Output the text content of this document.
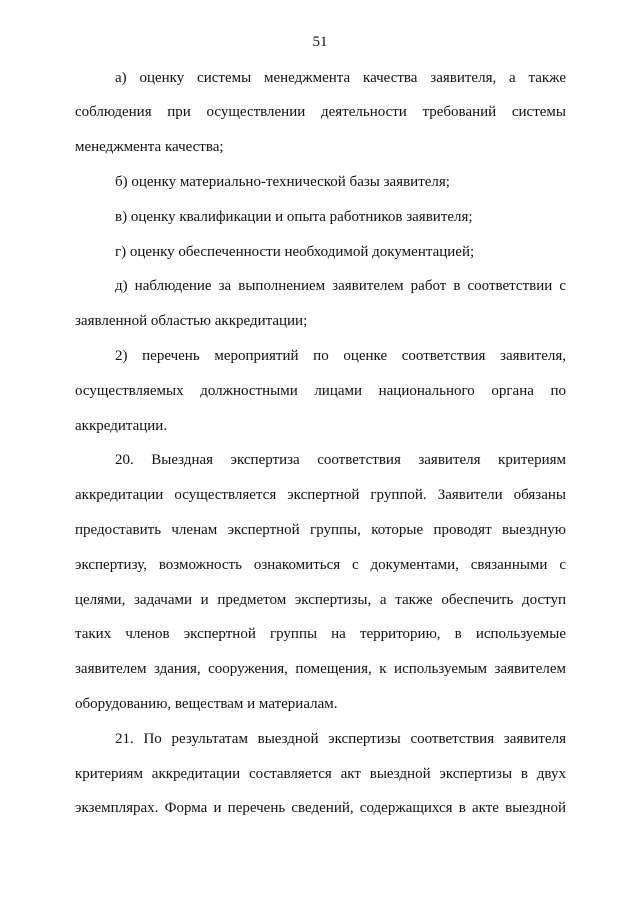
51
а) оценку системы менеджмента качества заявителя, а также
соблюдения при осуществлении деятельности требований системы
менеджмента качества;
б) оценку материально-технической базы заявителя;
в) оценку квалификации и опыта работников заявителя;
г) оценку обеспеченности необходимой документацией;
д) наблюдение за выполнением заявителем работ в соответствии с
заявленной областью аккредитации;
2) перечень мероприятий по оценке соответствия заявителя,
осуществляемых должностными лицами национального органа по
аккредитации.
20. Выездная экспертиза соответствия заявителя критериям
аккредитации осуществляется экспертной группой. Заявители обязаны
предоставить членам экспертной группы, которые проводят выездную
экспертизу, возможность ознакомиться с документами, связанными с
целями, задачами и предметом экспертизы, а также обеспечить доступ
таких членов экспертной группы на территорию, в используемые
заявителем здания, сооружения, помещения, к используемым заявителем
оборудованию, веществам и материалам.
21. По результатам выездной экспертизы соответствия заявителя
критериям аккредитации составляется акт выездной экспертизы в двух
экземплярах. Форма и перечень сведений, содержащихся в акте выездной
